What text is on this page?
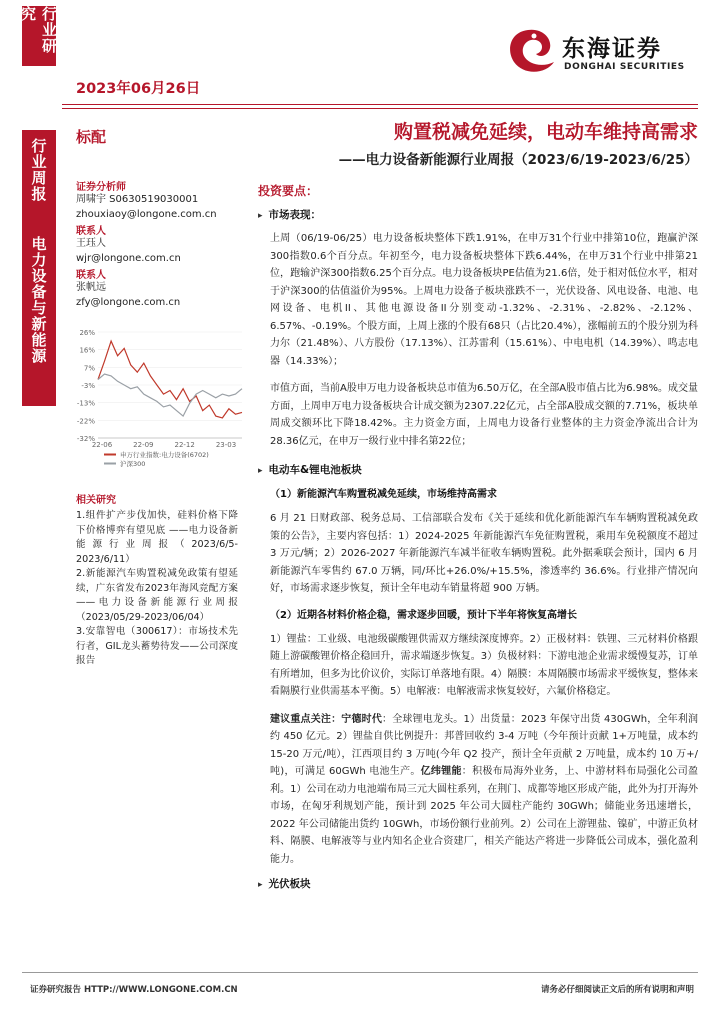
行业研究
行业周报
电力设备与新能源
2023年06月26日
东海证券
DONGHAI SECURITIES
标配	购置税减免延续，电动车维持高需求
——电力设备新能源行业周报（2023/6/19-2023/6/25）
证券分析师
周啸宇 S0630519030001
zhouxiaoy@longone.com.cn
联系人
王珏人
wjr@longone.com.cn
联系人
张帆远
zfy@longone.com.cn
26%
16%
7%
-3%
-13%
-22%
-32%
22-06	22-09	22-12	23-03
申万行业指数:电力设备(6702)
沪深300
相关研究
1.组件扩产步伐加快，硅料价格下降 下价格博弈有望见底 ——电力设备新能源行业周报（2023/6/5-2023/6/11）
2.新能源汽车购置税减免政策有望延续，广东省发布2023年海风竞配方案 ——电力设备新能源行业周报（2023/05/29-2023/06/04）
3.安靠智电（300617）：市场技术先行者，GIL龙头蓄势待发——公司深度报告
投资要点：
▸ 市场表现：
上周（06/19-06/25）电力设备板块整体下跌1.91%，在申万31个行业中排第10位，跑赢沪深300指数0.6个百分点。年初至今，电力设备板块整体下跌6.44%，在申万31个行业中排第21位，跑输沪深300指数6.25个百分点。电力设备板块PE估值为21.6倍，处于相对低位水平，相对于沪深300的估值溢价为95%。上周电力设备子板块涨跌不一，光伏设备、风电设备、电池、电网设备、电机II、其他电源设备II分别变动-1.32%、-2.31%、-2.82%、-2.12%、6.57%、-0.19%。个股方面，上周上涨的个股有68只（占比20.4%），涨幅前五的个股分别为科力尔（21.48%）、八方股份（17.13%）、江苏雷利（15.61%）、中电电机（14.39%）、鸣志电器（14.33%）；
市值方面，当前A股申万电力设备板块总市值为6.50万亿，在全部A股市值占比为6.98%。成交量方面，上周申万电力设备板块合计成交额为2307.22亿元，占全部A股成交额的7.71%，板块单周成交额环比下降18.42%。主力资金方面，上周电力设备行业整体的主力资金净流出合计为28.36亿元，在申万一级行业中排名第22位；
▸ 电动车&锂电池板块
（1）新能源汽车购置税减免延续，市场维持高需求
6 月 21 日财政部、税务总局、工信部联合发布《关于延续和优化新能源汽车车辆购置税减免政策的公告》，主要内容包括：1）2024-2025 年新能源汽车免征购置税，乘用车免税额度不超过 3 万元/辆；2）2026-2027 年新能源汽车减半征收车辆购置税。此外据乘联会预计，国内 6 月新能源汽车零售约 67.0 万辆，同/环比+26.0%/+15.5%，渗透率约 36.6%。行业排产情况向好，市场需求逐步恢复，预计全年电动车销量将超 900 万辆。
（2）近期各材料价格企稳，需求逐步回暖，预计下半年将恢复高增长
1）锂盐：工业级、电池级碳酸锂供需双方继续深度博弈。2）正极材料：铁锂、三元材料价格跟随上游碳酸锂价格企稳回升，需求端逐步恢复。3）负极材料：下游电池企业需求缓慢复苏，订单有所增加，但多为比价议价，实际订单落地有限。4）隔膜：本周隔膜市场需求平缓恢复，整体来看隔膜行业供需基本平衡。5）电解液：电解液需求恢复较好，六氟价格稳定。
建议重点关注：宁德时代：全球锂电龙头。1）出货量：2023 年保守出货 430GWh，全年利润约 450 亿元。2）锂盐自供比例提升：邦普回收约 3-4 万吨（今年预计贡献 1+万吨量，成本约 15-20 万元/吨），江西项目约 3 万吨(今年 Q2 投产，预计全年贡献 2 万吨量，成本约 10 万+/吨)，可满足 60GWh 电池生产。亿纬锂能：积极布局海外业务，上、中游材料布局强化公司盈利。1）公司在动力电池端布局三元大圆柱系列，在荆门、成都等地区形成产能，此外为打开海外市场，在匈牙利规划产能，预计到 2025 年公司大圆柱产能约 30GWh；储能业务迅速增长，2022 年公司储能出货约 10GWh，市场份额行业前列。2）公司在上游锂盐、镍矿，中游正负材料、隔膜、电解液等与业内知名企业合资建厂，相关产能达产将进一步降低公司成本，强化盈利能力。
▸ 光伏板块
证券研究报告 HTTP://WWW.LONGONE.COM.CN	请务必仔细阅读正文后的所有说明和声明
